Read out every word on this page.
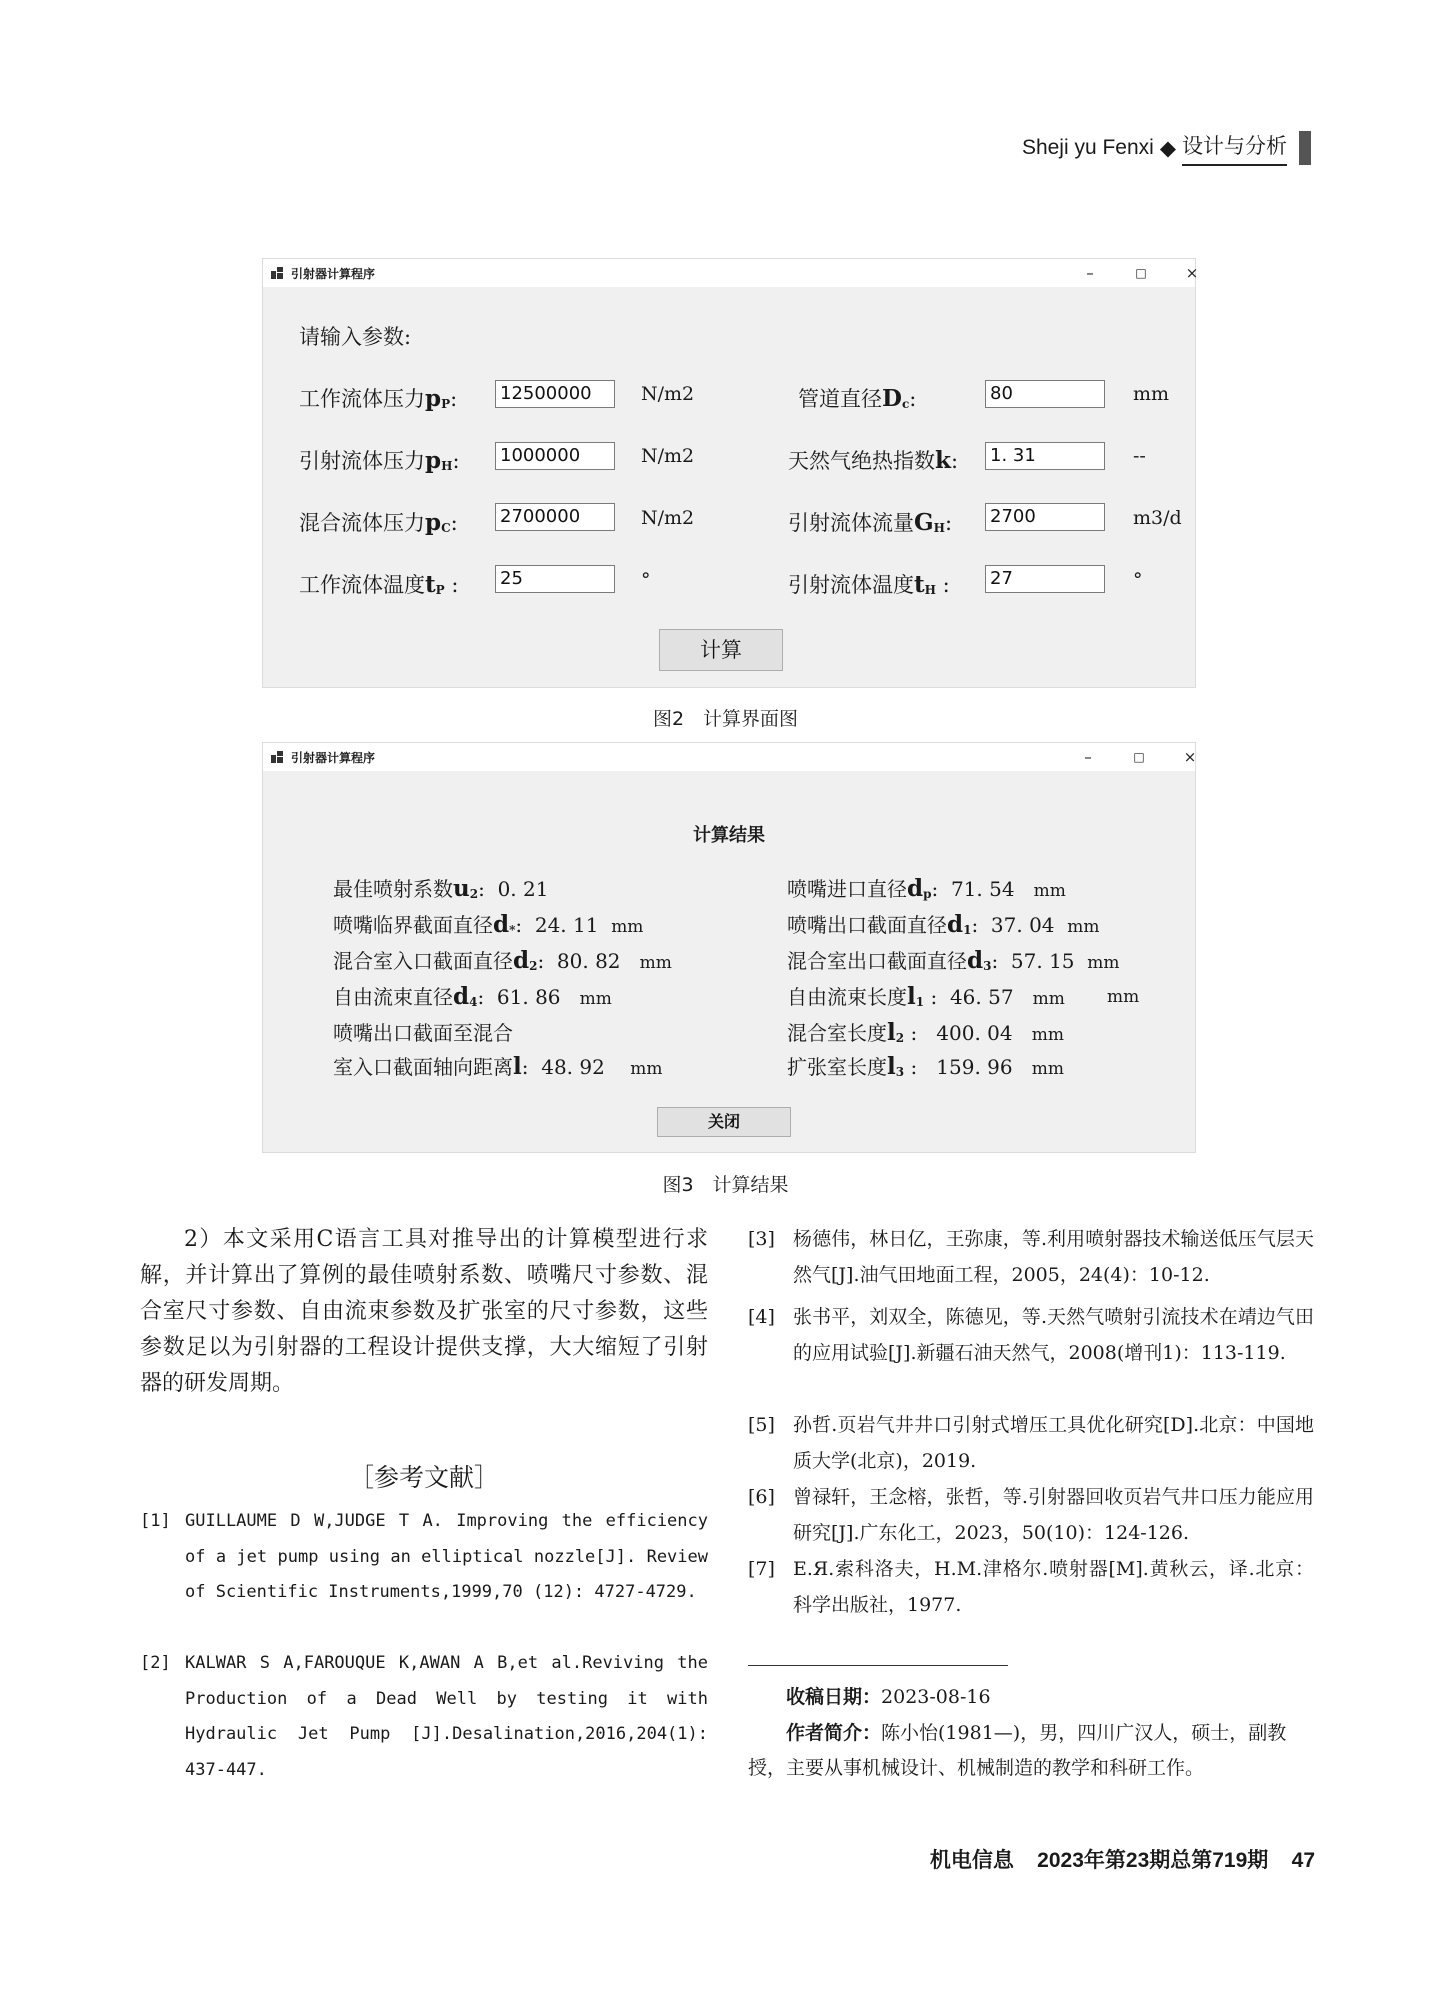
Sheji yu Fenxi ◆ 设计与分析
引射器计算程序	–	□	×
请输入参数:
工作流体压力$p_P$: 12500000	N/m2
引射流体压力$p_H$: 1000000	N/m2
混合流体压力$p_C$: 2700000	N/m2
工作流体温度$t_P$ : 25	°
管道直径$D_c$:	80	mm
天然气绝热指数k: 1. 31	--
引射流体流量$G_H$: 2700	m3/d
引射流体温度$t_H$ : 27	°
计算
图2　计算界面图
引射器计算程序	–	□	×
计算结果
最佳喷射系数$u_2$: 0. 21
喷嘴临界截面直径$d_*$: 24. 11 mm
混合室入口截面直径$d_2$: 80. 82 mm
自由流束直径$d_4$: 61. 86 mm
喷嘴出口截面至混合
室入口截面轴向距离l: 48. 92 mm
喷嘴进口直径$d_p$: 71. 54 mm
喷嘴出口截面直径$d_1$: 37. 04 mm
混合室出口截面直径$d_3$: 57. 15 mm
自由流束长度$l_1$ : 46. 57 mm mm
混合室长度$l_2$ : 400. 04 mm
扩张室长度$l_3$ : 159. 96 mm
关闭
图3　计算结果
2）本文采用C语言工具对推导出的计算模型进行求解，并计算出了算例的最佳喷射系数、喷嘴尺寸参数、混合室尺寸参数、自由流束参数及扩张室的尺寸参数，这些参数足以为引射器的工程设计提供支撑，大大缩短了引射器的研发周期。
［参考文献］
[1] GUILLAUME D W,JUDGE T A. Improving the efficiency of a jet pump using an elliptical nozzle[J]. Review of Scientific Instruments,1999,70 (12): 4727-4729.
[2] KALWAR S A,FAROUQUE K,AWAN A B,et al.Reviving the Production of a Dead Well by testing it with Hydraulic Jet Pump [J].Desalination,2016,204(1): 437-447.
[3] 杨德伟，林日亿，王弥康，等.利用喷射器技术输送低压气层天然气[J].油气田地面工程，2005，24(4)：10-12.
[4] 张书平，刘双全，陈德见，等.天然气喷射引流技术在靖边气田的应用试验[J].新疆石油天然气，2008(增刊1)：113-119.
[5] 孙哲.页岩气井井口引射式增压工具优化研究[D].北京：中国地质大学(北京)，2019.
[6] 曾禄轩，王念榕，张哲，等.引射器回收页岩气井口压力能应用研究[J].广东化工，2023，50(10)：124-126.
[7] E.Я.索科洛夫，H.M.津格尔.喷射器[M].黄秋云，译.北京：科学出版社，1977.
收稿日期：2023-08-16
作者简介：陈小怡(1981—)，男，四川广汉人，硕士，副教授，主要从事机械设计、机械制造的教学和科研工作。
机电信息 2023年第23期总第719期 47
